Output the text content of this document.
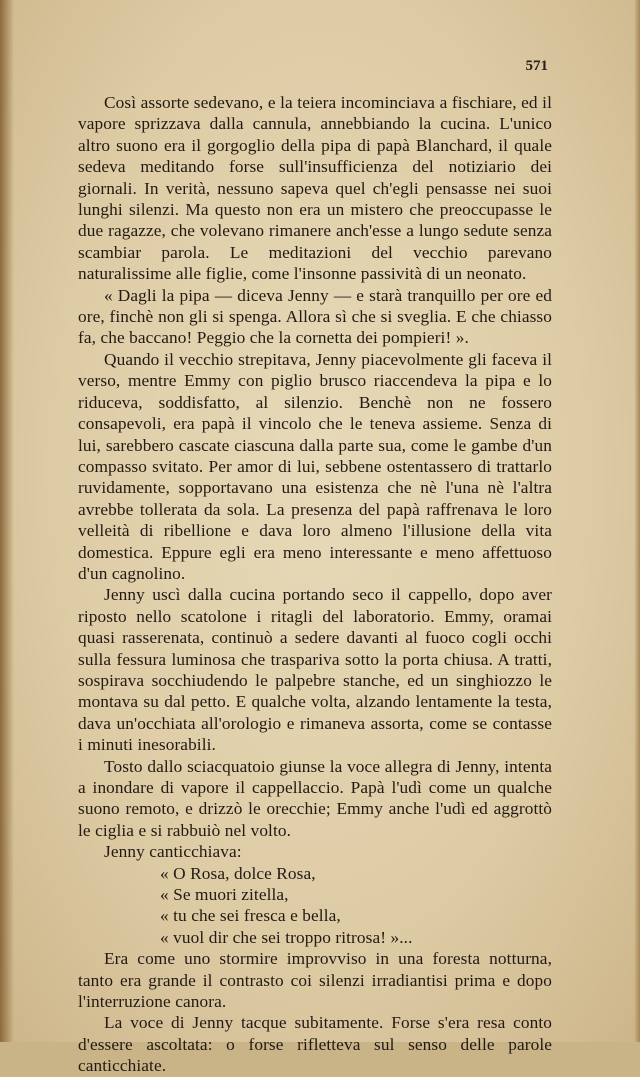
571

Così assorte sedevano, e la teiera incominciava a fischiare, ed il vapore sprizzava dalla cannula, annebbiando la cucina. L'unico altro suono era il gorgoglio della pipa di papà Blanchard, il quale sedeva meditando forse sull'insufficienza del notiziario dei giornali. In verità, nessuno sapeva quel ch'egli pensasse nei suoi lunghi silenzi. Ma questo non era un mistero che preoccupasse le due ragazze, che volevano rimanere anch'esse a lungo sedute senza scambiar parola. Le meditazioni del vecchio parevano naturalissime alle figlie, come l'insonne passività di un neonato.

« Dagli la pipa — diceva Jenny — e starà tranquillo per ore ed ore, finchè non gli si spenga. Allora sì che si sveglia. E che chiasso fa, che baccano! Peggio che la cornetta dei pompieri! ».

Quando il vecchio strepitava, Jenny piacevolmente gli faceva il verso, mentre Emmy con piglio brusco riaccendeva la pipa e lo riduceva, soddisfatto, al silenzio. Benchè non ne fossero consapevoli, era papà il vincolo che le teneva assieme. Senza di lui, sarebbero cascate ciascuna dalla parte sua, come le gambe d'un compasso svitato. Per amor di lui, sebbene ostentassero di trattarlo ruvidamente, sopportavano una esistenza che nè l'una nè l'altra avrebbe tollerata da sola. La presenza del papà raffrenava le loro velleità di ribellione e dava loro almeno l'illusione della vita domestica. Eppure egli era meno interessante e meno affettuoso d'un cagnolino.

Jenny uscì dalla cucina portando seco il cappello, dopo aver riposto nello scatolone i ritagli del laboratorio. Emmy, oramai quasi rasserenata, continuò a sedere davanti al fuoco cogli occhi sulla fessura luminosa che traspariva sotto la porta chiusa. A tratti, sospirava socchiudendo le palpebre stanche, ed un singhiozzo le montava su dal petto. E qualche volta, alzando lentamente la testa, dava un'occhiata all'orologio e rimaneva assorta, come se contasse i minuti inesorabili.

Tosto dallo sciacquatoio giunse la voce allegra di Jenny, intenta a inondare di vapore il cappellaccio. Papà l'udì come un qualche suono remoto, e drizzò le orecchie; Emmy anche l'udì ed aggrottò le ciglia e si rabbuiò nel volto.

Jenny canticchiava:

« O Rosa, dolce Rosa,
« Se muori zitella,
« tu che sei fresca e bella,
« vuol dir che sei troppo ritrosa! »...

Era come uno stormire improvviso in una foresta notturna, tanto era grande il contrasto coi silenzi irradiantisi prima e dopo l'interruzione canora.

La voce di Jenny tacque subitamente. Forse s'era resa conto d'essere ascoltata: o forse rifletteva sul senso delle parole canticchiate.
